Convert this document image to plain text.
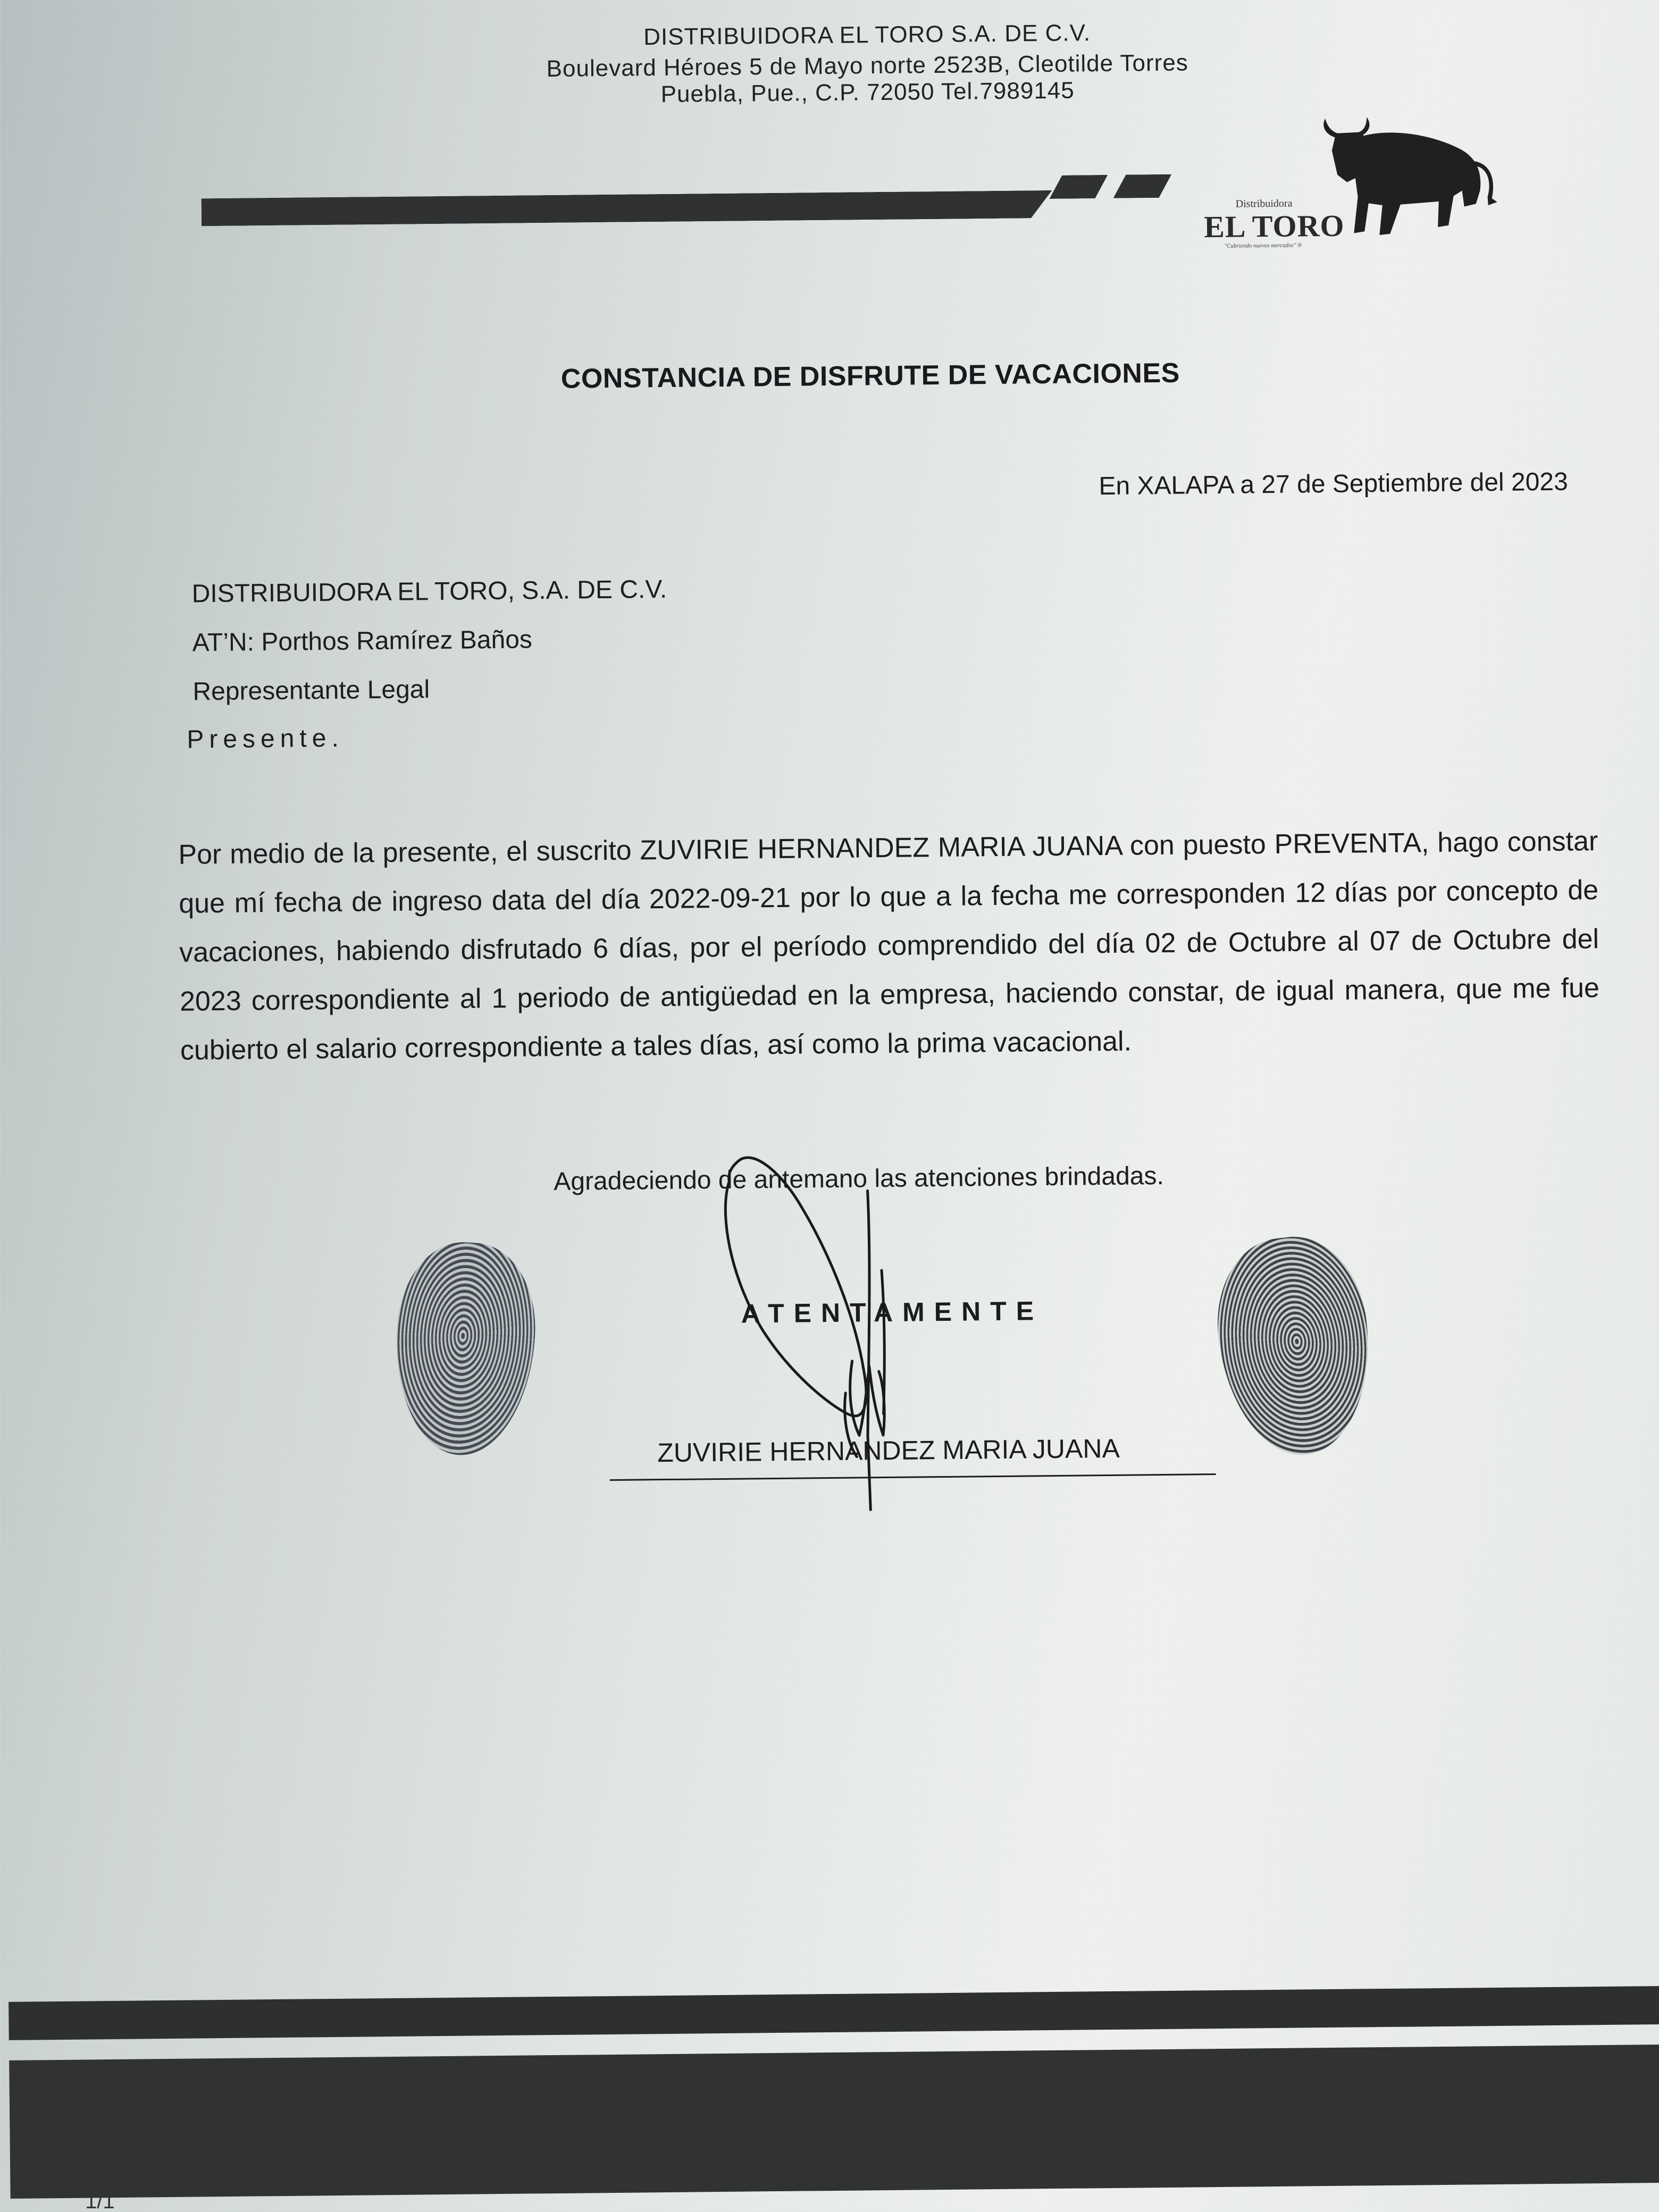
DISTRIBUIDORA EL TORO S.A. DE C.V.
Boulevard Héroes 5 de Mayo norte 2523B, Cleotilde Torres
Puebla, Pue., C.P. 72050 Tel.7989145
Distribuidora
EL TORO
"Cubriendo nuevos mercados" ®
CONSTANCIA DE DISFRUTE DE VACACIONES
En XALAPA a 27 de Septiembre del 2023
DISTRIBUIDORA EL TORO, S.A. DE C.V.
AT’N: Porthos Ramírez Baños
Representante Legal
Presente.
Por medio de la presente, el suscrito ZUVIRIE HERNANDEZ MARIA JUANA con puesto PREVENTA, hago constar que mí fecha de ingreso data del día 2022-09-21 por lo que a la fecha me corresponden 12 días por concepto de vacaciones, habiendo disfrutado 6 días, por el período comprendido del día 02 de Octubre al 07 de Octubre del 2023 correspondiente al 1 periodo de antigüedad en la empresa, haciendo constar, de igual manera, que me fue cubierto el salario correspondiente a tales días, así como la prima vacacional.
Agradeciendo de antemano las atenciones brindadas.
ATENTAMENTE
ZUVIRIE HERNANDEZ MARIA JUANA
1/1
